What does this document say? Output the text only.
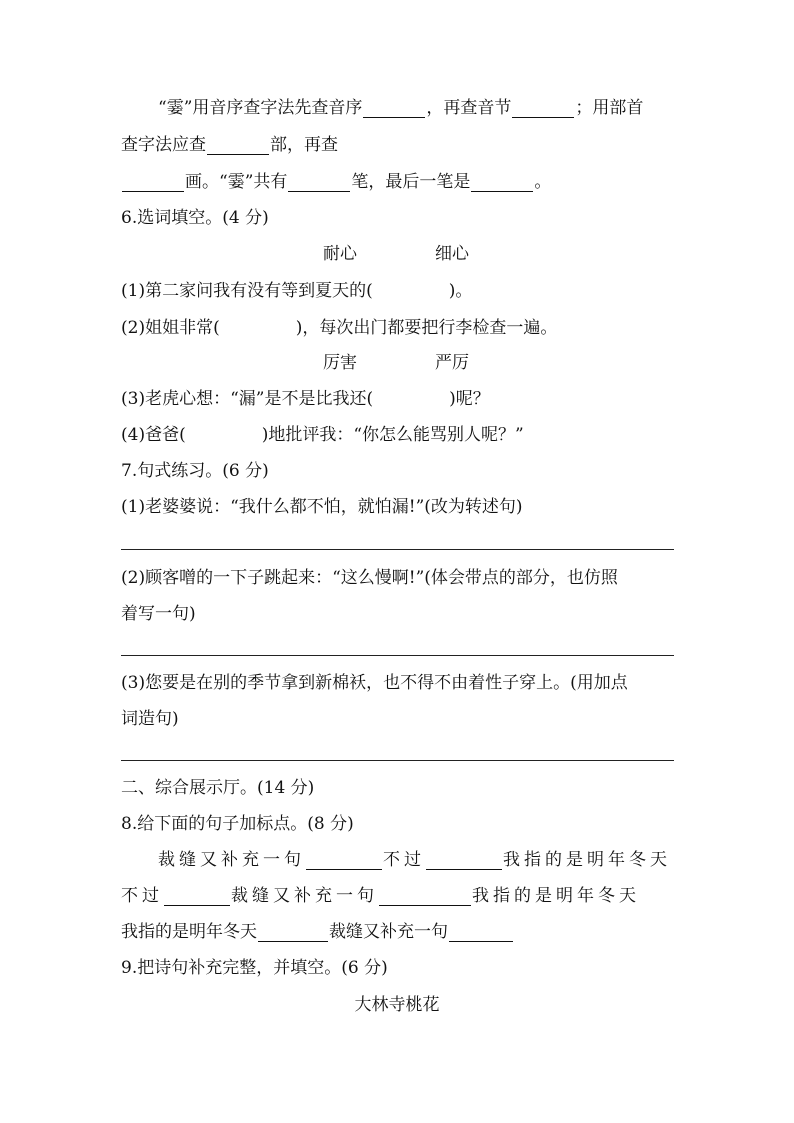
“霎”用音序查字法先查音序	，再查音节	；用部首
查字法应查	部，再查
画。“霎”共有	笔，最后一笔是	。
6.选词填空。(4 分)
耐心	细心
(1)第二家问我有没有等到夏天的(	)。
(2)姐姐非常(	)，每次出门都要把行李检查一遍。
厉害	严厉
(3)老虎心想：“漏”是不是比我还(	)呢？
(4)爸爸(	)地批评我：“你怎么能骂别人呢？”
7.句式练习。(6 分)
(1)老婆婆说：“我什么都不怕，就怕漏!”(改为转述句)
(2)顾客噌的一下子跳起来：“这么慢啊!”(体会带点的部分，也仿照
着写一句)
(3)您要是在别的季节拿到新棉袄，也不得不由着性子穿上。(用加点
词造句)
二、综合展示厅。(14 分)
8.给下面的句子加标点。(8 分)
裁缝又补充一句	不过	我指的是明年冬天
不过	裁缝又补充一句	我指的是明年冬天
我指的是明年冬天	裁缝又补充一句
9.把诗句补充完整，并填空。(6 分)
大林寺桃花
